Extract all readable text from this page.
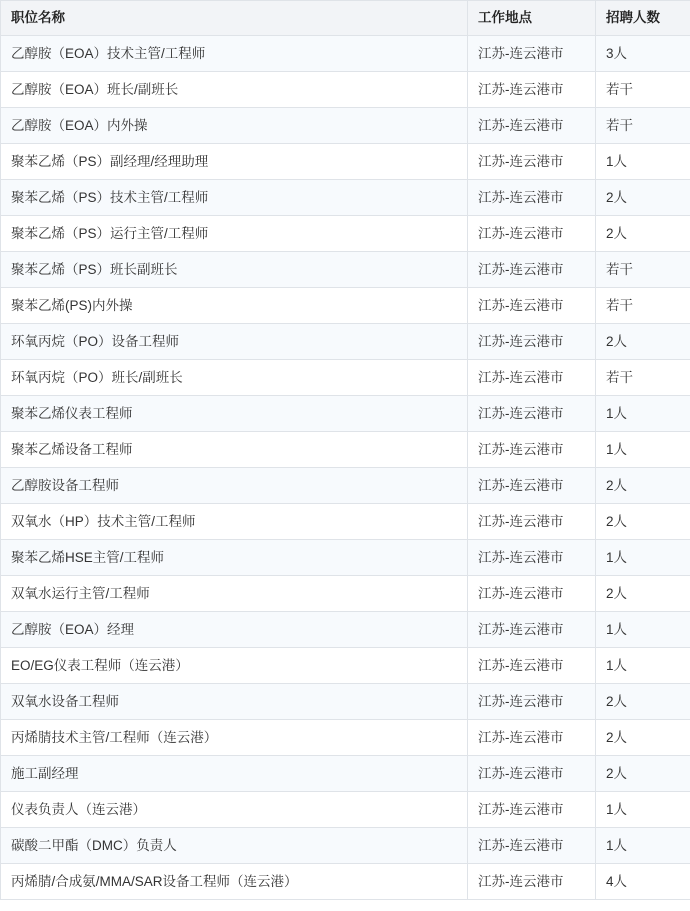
职位名称	工作地点	招聘人数
乙醇胺（EOA）技术主管/工程师	江苏-连云港市	3人
乙醇胺（EOA）班长/副班长	江苏-连云港市	若干
乙醇胺（EOA）内外操	江苏-连云港市	若干
聚苯乙烯（PS）副经理/经理助理	江苏-连云港市	1人
聚苯乙烯（PS）技术主管/工程师	江苏-连云港市	2人
聚苯乙烯（PS）运行主管/工程师	江苏-连云港市	2人
聚苯乙烯（PS）班长副班长	江苏-连云港市	若干
聚苯乙烯(PS)内外操	江苏-连云港市	若干
环氧丙烷（PO）设备工程师	江苏-连云港市	2人
环氧丙烷（PO）班长/副班长	江苏-连云港市	若干
聚苯乙烯仪表工程师	江苏-连云港市	1人
聚苯乙烯设备工程师	江苏-连云港市	1人
乙醇胺设备工程师	江苏-连云港市	2人
双氧水（HP）技术主管/工程师	江苏-连云港市	2人
聚苯乙烯HSE主管/工程师	江苏-连云港市	1人
双氧水运行主管/工程师	江苏-连云港市	2人
乙醇胺（EOA）经理	江苏-连云港市	1人
EO/EG仪表工程师（连云港）	江苏-连云港市	1人
双氧水设备工程师	江苏-连云港市	2人
丙烯腈技术主管/工程师（连云港）	江苏-连云港市	2人
施工副经理	江苏-连云港市	2人
仪表负责人（连云港）	江苏-连云港市	1人
碳酸二甲酯（DMC）负责人	江苏-连云港市	1人
丙烯腈/合成氨/MMA/SAR设备工程师（连云港）	江苏-连云港市	4人
